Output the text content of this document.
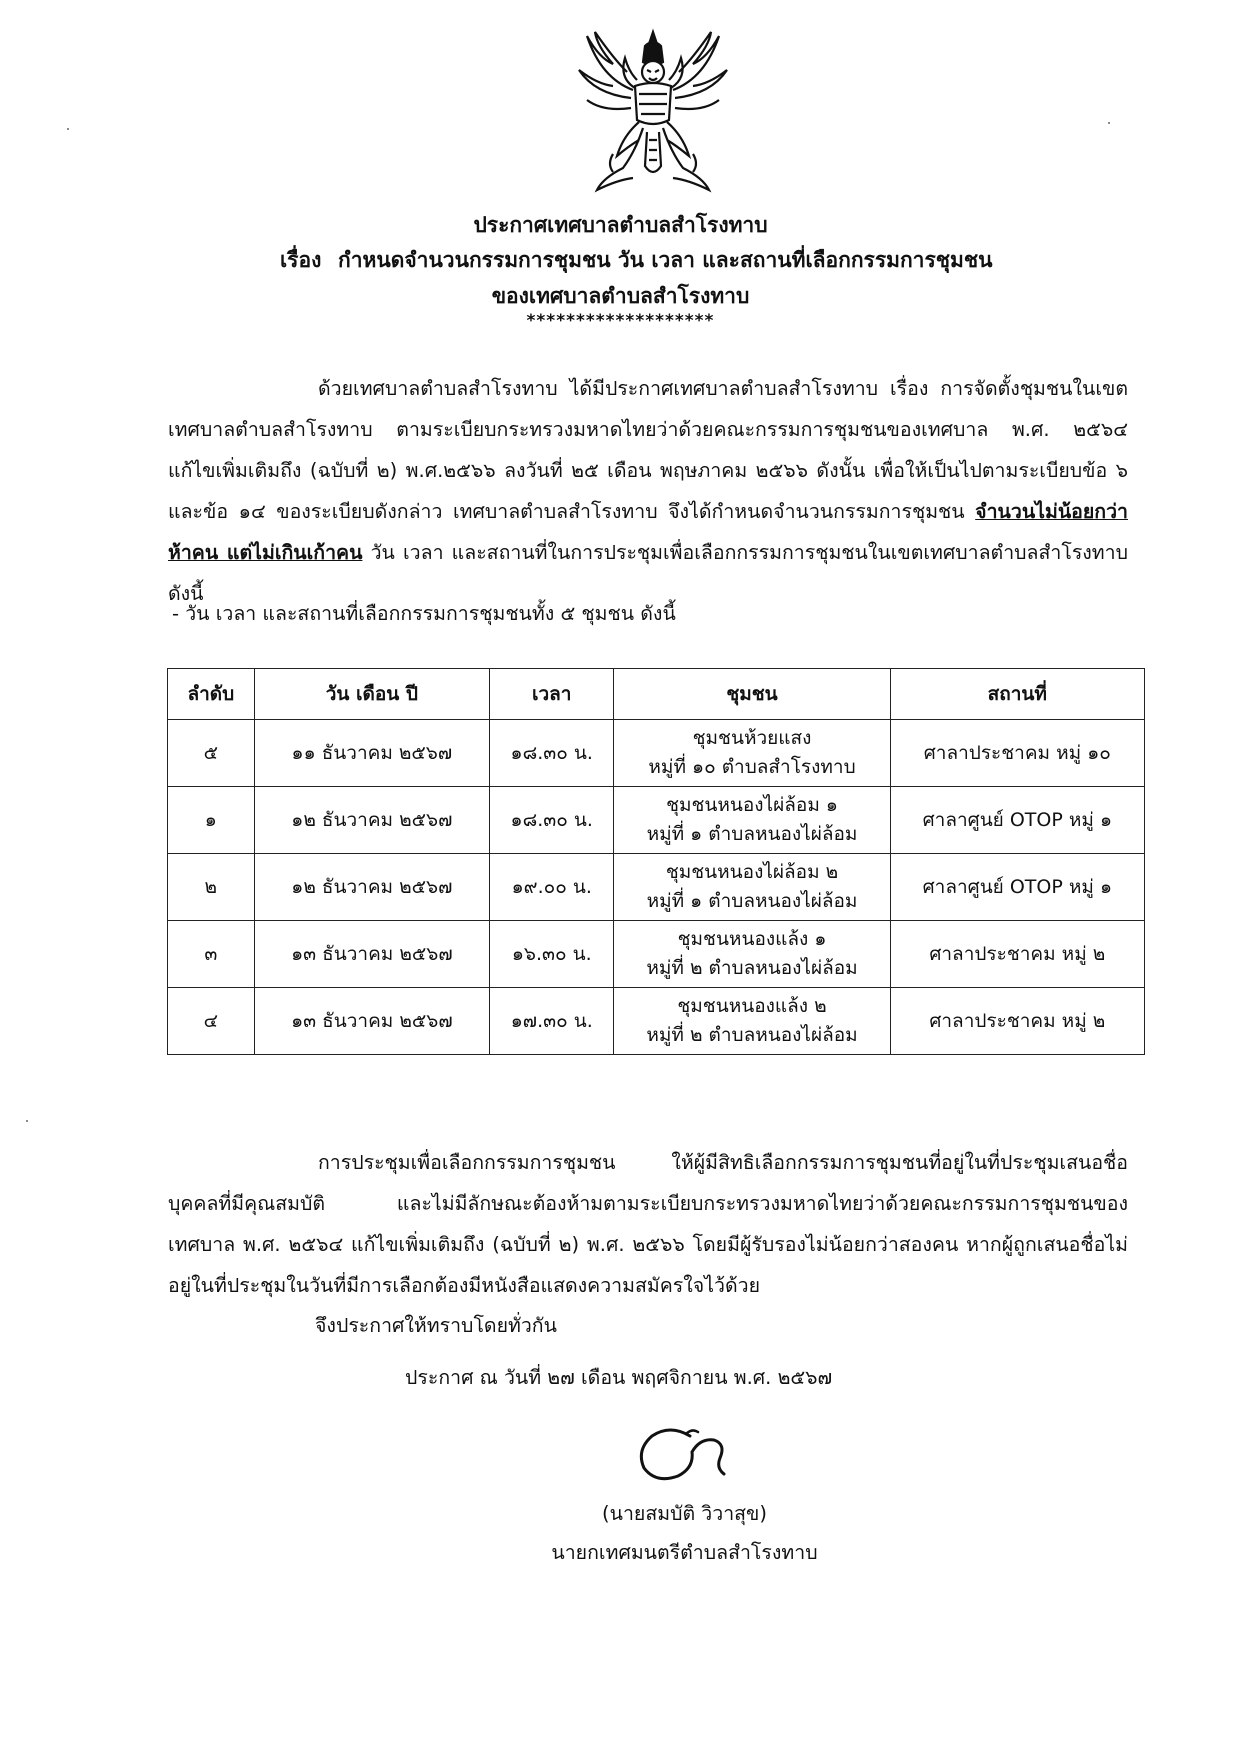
ประกาศเทศบาลตำบลสำโรงทาบ
เรื่อง กำหนดจำนวนกรรมการชุมชน วัน เวลา และสถานที่เลือกกรรมการชุมชน
ของเทศบาลตำบลสำโรงทาบ
*******************
ด้วยเทศบาลตำบลสำโรงทาบ ได้มีประกาศเทศบาลตำบลสำโรงทาบ เรื่อง การจัดตั้งชุมชนในเขตเทศบาลตำบลสำโรงทาบ ตามระเบียบกระทรวงมหาดไทยว่าด้วยคณะกรรมการชุมชนของเทศบาล พ.ศ. ๒๕๖๔ แก้ไขเพิ่มเติมถึง (ฉบับที่ ๒) พ.ศ.๒๕๖๖ ลงวันที่ ๒๕ เดือน พฤษภาคม ๒๕๖๖ ดังนั้น เพื่อให้เป็นไปตามระเบียบข้อ ๖ และข้อ ๑๔ ของระเบียบดังกล่าว เทศบาลตำบลสำโรงทาบ จึงได้กำหนดจำนวนกรรมการชุมชน จำนวนไม่น้อยกว่าห้าคน แต่ไม่เกินเก้าคน วัน เวลา และสถานที่ในการประชุมเพื่อเลือกกรรมการชุมชนในเขตเทศบาลตำบลสำโรงทาบ ดังนี้
- วัน เวลา และสถานที่เลือกกรรมการชุมชนทั้ง ๕ ชุมชน ดังนี้
ลำดับ	วัน เดือน ปี	เวลา	ชุมชน	สถานที่
๕	๑๑ ธันวาคม ๒๕๖๗	๑๘.๓๐ น.	ชุมชนห้วยแสง
หมู่ที่ ๑๐ ตำบลสำโรงทาบ	ศาลาประชาคม หมู่ ๑๐
๑	๑๒ ธันวาคม ๒๕๖๗	๑๘.๓๐ น.	ชุมชนหนองไผ่ล้อม ๑
หมู่ที่ ๑ ตำบลหนองไผ่ล้อม	ศาลาศูนย์ OTOP หมู่ ๑
๒	๑๒ ธันวาคม ๒๕๖๗	๑๙.๐๐ น.	ชุมชนหนองไผ่ล้อม ๒
หมู่ที่ ๑ ตำบลหนองไผ่ล้อม	ศาลาศูนย์ OTOP หมู่ ๑
๓	๑๓ ธันวาคม ๒๕๖๗	๑๖.๓๐ น.	ชุมชนหนองแล้ง ๑
หมู่ที่ ๒ ตำบลหนองไผ่ล้อม	ศาลาประชาคม หมู่ ๒
๔	๑๓ ธันวาคม ๒๕๖๗	๑๗.๓๐ น.	ชุมชนหนองแล้ง ๒
หมู่ที่ ๒ ตำบลหนองไผ่ล้อม	ศาลาประชาคม หมู่ ๒
การประชุมเพื่อเลือกกรรมการชุมชน ให้ผู้มีสิทธิเลือกกรรมการชุมชนที่อยู่ในที่ประชุมเสนอชื่อบุคคลที่มีคุณสมบัติ และไม่มีลักษณะต้องห้ามตามระเบียบกระทรวงมหาดไทยว่าด้วยคณะกรรมการชุมชนของเทศบาล พ.ศ. ๒๕๖๔ แก้ไขเพิ่มเติมถึง (ฉบับที่ ๒) พ.ศ. ๒๕๖๖ โดยมีผู้รับรองไม่น้อยกว่าสองคน หากผู้ถูกเสนอชื่อไม่อยู่ในที่ประชุมในวันที่มีการเลือกต้องมีหนังสือแสดงความสมัครใจไว้ด้วย
จึงประกาศให้ทราบโดยทั่วกัน
ประกาศ ณ วันที่ ๒๗ เดือน พฤศจิกายน พ.ศ. ๒๕๖๗
(นายสมบัติ วิวาสุข)
นายกเทศมนตรีตำบลสำโรงทาบ
